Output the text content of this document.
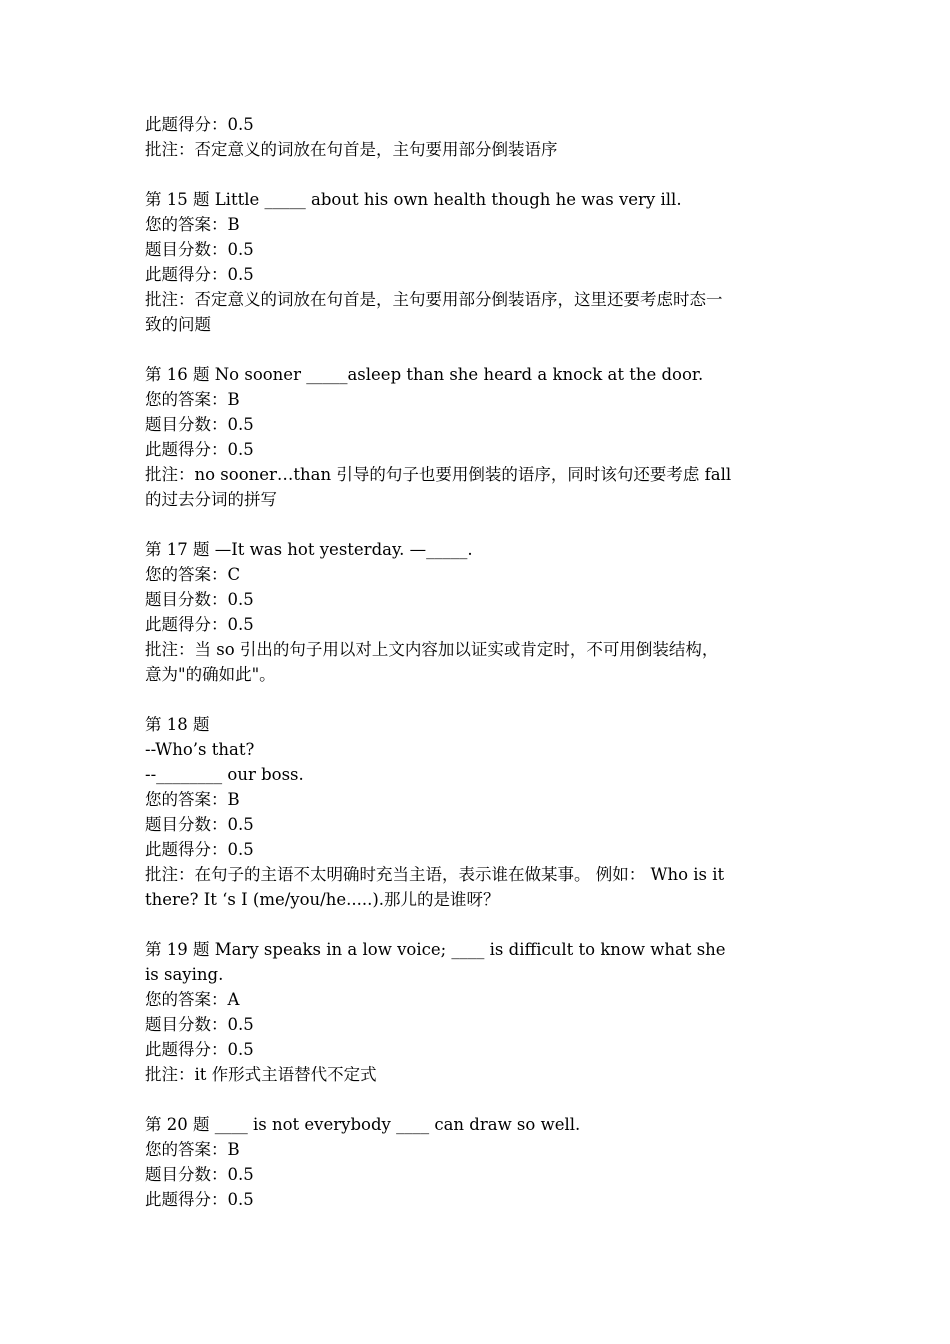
此题得分：0.5

批注：否定意义的词放在句首是，主句要用部分倒装语序

第 15 题 Little _____ about his own health though he was very ill.

您的答案：B

题目分数：0.5

此题得分：0.5

批注：否定意义的词放在句首是，主句要用部分倒装语序，这里还要考虑时态一

致的问题

第 16 题 No sooner _____asleep than she heard a knock at the door.

您的答案：B

题目分数：0.5

此题得分：0.5

批注：no sooner…than 引导的句子也要用倒装的语序，同时该句还要考虑 fall

的过去分词的拼写

第 17 题 —It was hot yesterday. —_____.

您的答案：C

题目分数：0.5

此题得分：0.5

批注：当 so 引出的句子用以对上文内容加以证实或肯定时，不可用倒装结构，

意为"的确如此"。

第 18 题

--Who’s that?

--________ our boss.

您的答案：B

题目分数：0.5

此题得分：0.5

批注：在句子的主语不太明确时充当主语，表示谁在做某事。 例如： Who is it

there? It ‘s I (me/you/he.....).那儿的是谁呀？

第 19 题 Mary speaks in a low voice; ____ is difficult to know what she

is saying.

您的答案：A

题目分数：0.5

此题得分：0.5

批注：it 作形式主语替代不定式

第 20 题 ____ is not everybody ____ can draw so well.

您的答案：B

题目分数：0.5

此题得分：0.5
